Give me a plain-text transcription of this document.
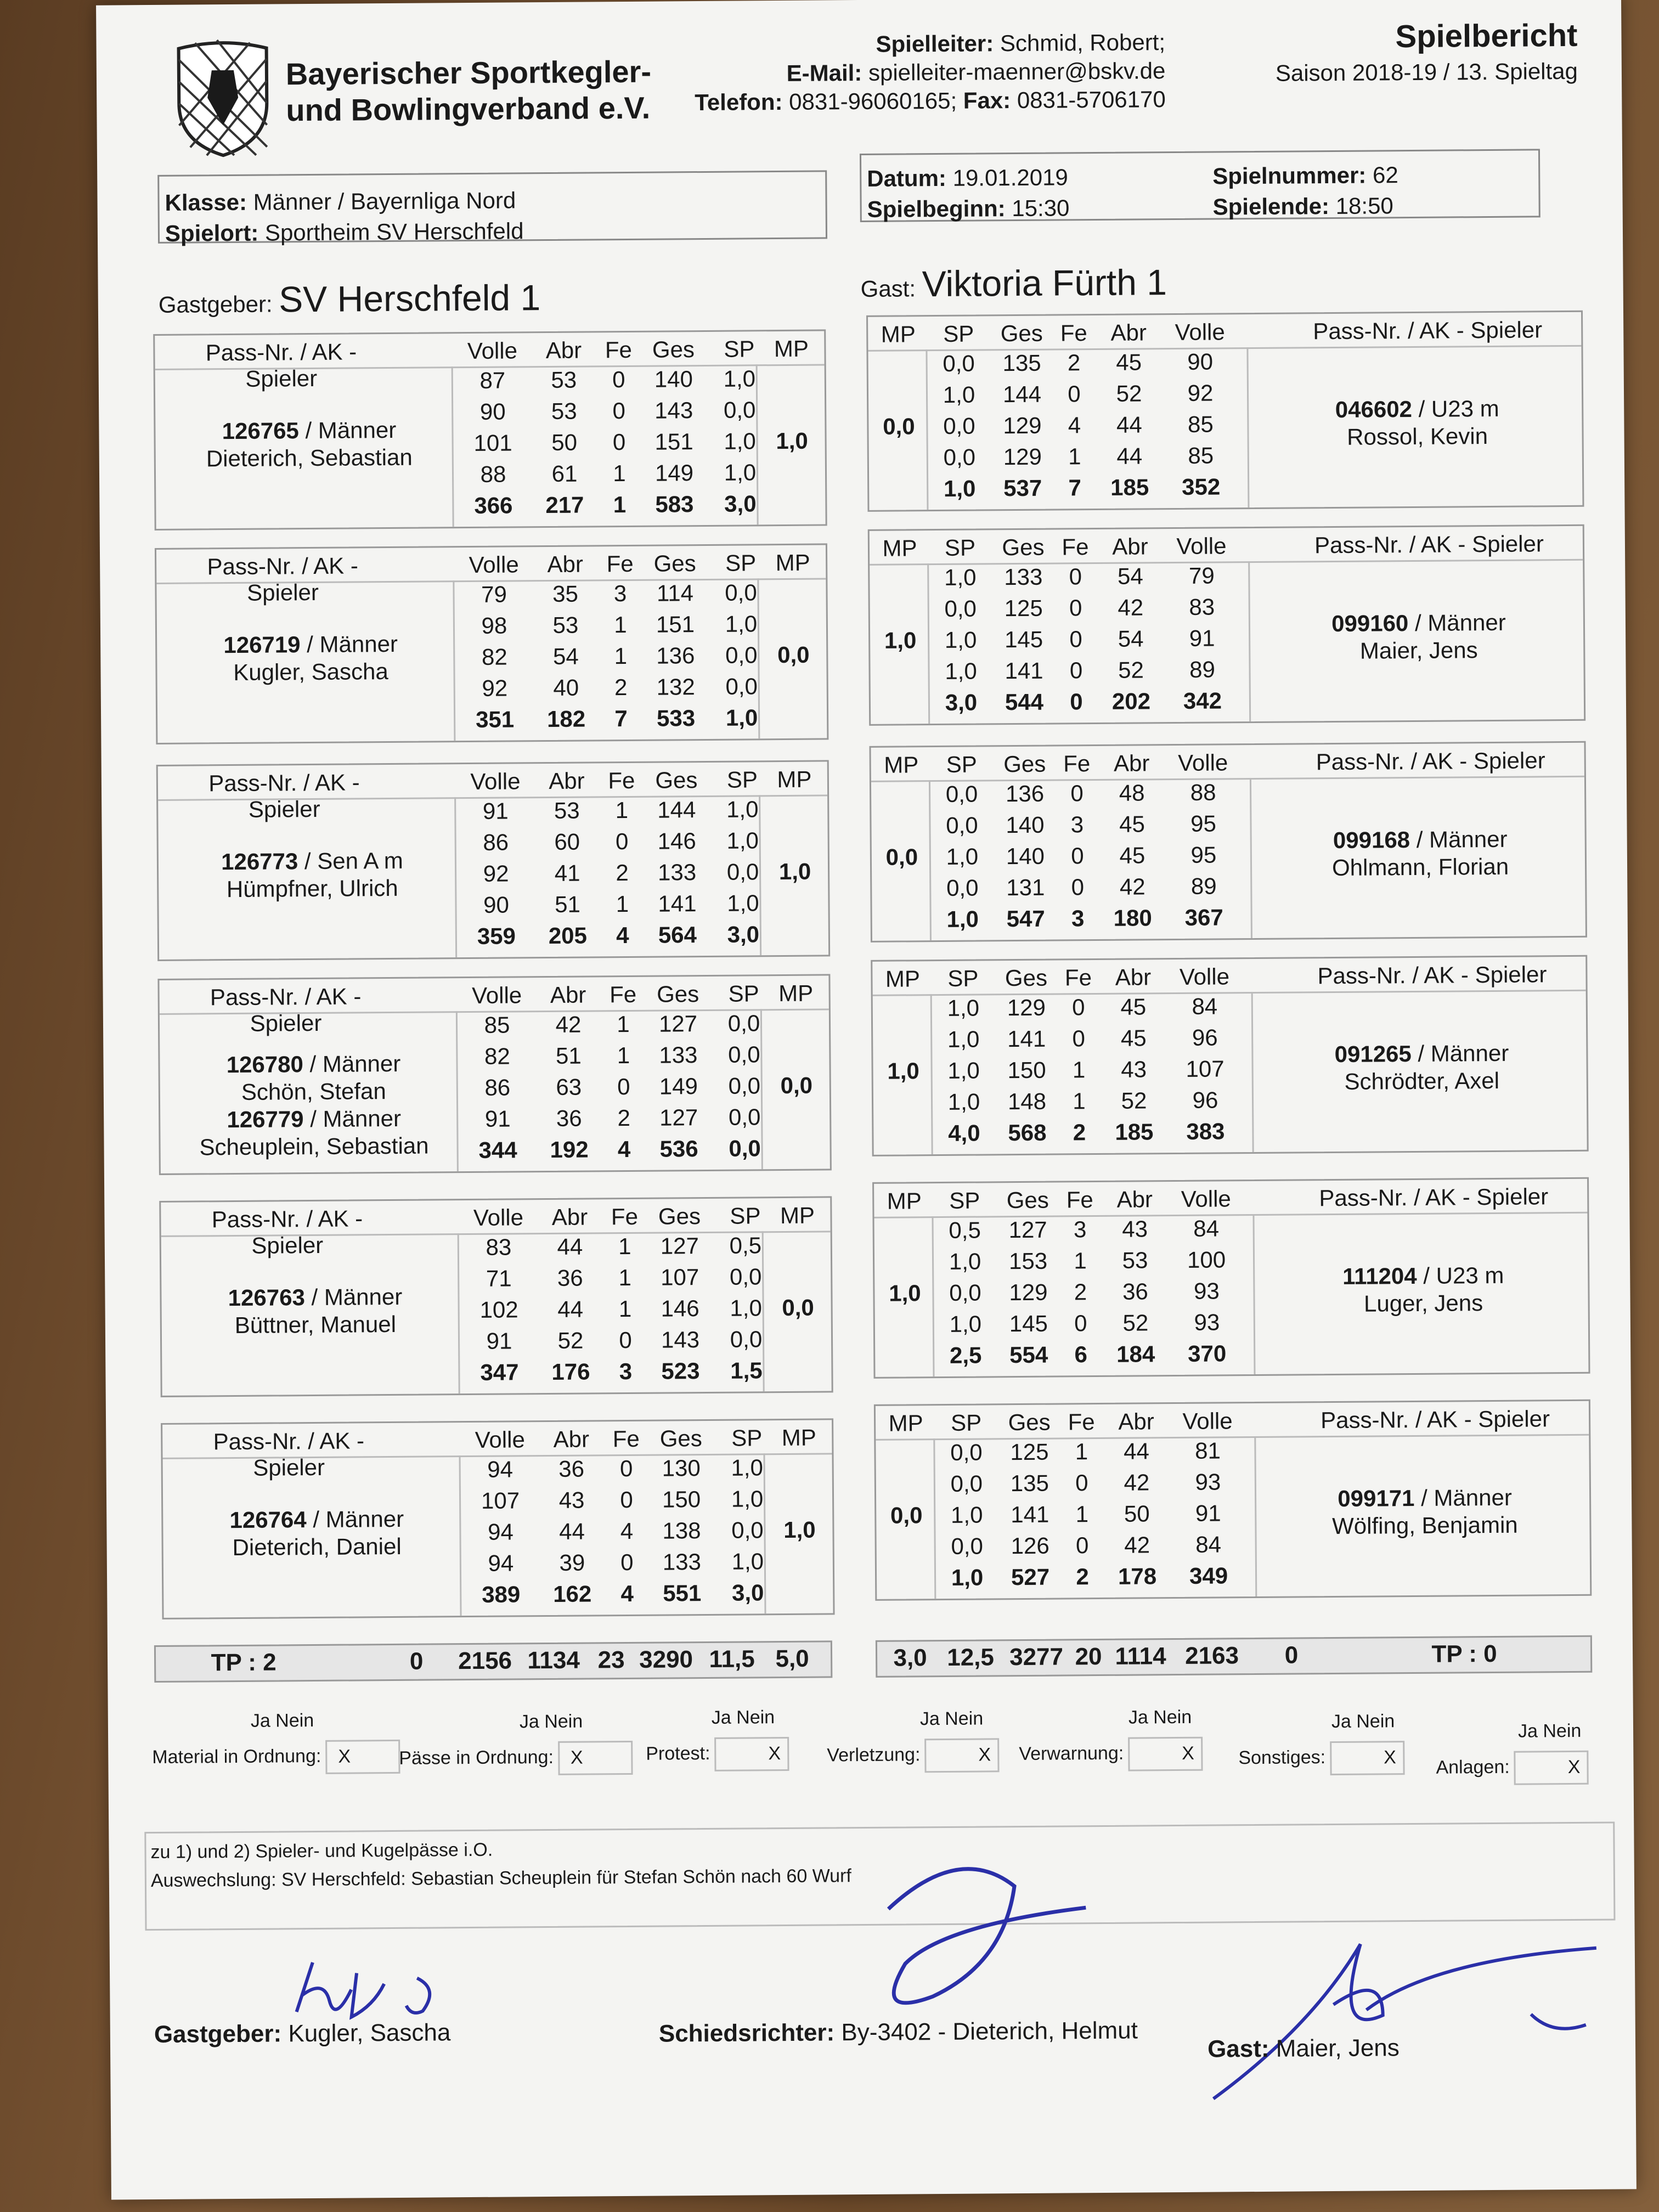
Bayerischer Sportkegler-
und Bowlingverband e.V.
Spielleiter: Schmid, Robert;
E-Mail: spielleiter-maenner@bskv.de
Telefon: 0831-96060165; Fax: 0831-5706170
Spielbericht
Saison 2018-19 / 13. Spieltag
Klasse: Männer / Bayernliga Nord
Spielort: Sportheim SV Herschfeld
Datum: 19.01.2019
Spielbeginn: 15:30
Spielnummer: 62
Spielende: 18:50
Gastgeber: SV Herschfeld 1	Gast: Viktoria Fürth 1
Pass-Nr. / AK - Spieler
Volle	Abr	Fe Ges	SP MP
126765 / Männer
Dieterich, Sebastian
87	53	0	140	1,0
90	53	0	143	0,0
101	50	0	151	1,0
88	61	1	149	1,0
366	217	1	583	3,0
1,0
MP	SP	Ges Fe	Abr	Volle	Pass-Nr. / AK - Spieler
0,0	135	2	45	90
1,0	144	0	52	92
0,0	129	4	44	85
0,0	129	1	44	85
1,0	537	7	185	352
0,0
046602 / U23 m
Rossol, Kevin
Pass-Nr. / AK - Spieler
Volle	Abr	Fe Ges	SP MP
126719 / Männer
Kugler, Sascha
79	35	3	114	0,0
98	53	1	151	1,0
82	54	1	136	0,0
92	40	2	132	0,0
351	182	7	533	1,0
0,0
MP	SP	Ges Fe	Abr	Volle	Pass-Nr. / AK - Spieler
1,0	133	0	54	79
0,0	125	0	42	83
1,0	145	0	54	91
1,0	141	0	52	89
3,0	544	0	202	342
1,0
099160 / Männer
Maier, Jens
Pass-Nr. / AK - Spieler
Volle	Abr	Fe Ges	SP MP
126773 / Sen A m
Hümpfner, Ulrich
91	53	1	144	1,0
86	60	0	146	1,0
92	41	2	133	0,0
90	51	1	141	1,0
359	205	4	564	3,0
1,0
MP	SP	Ges Fe	Abr	Volle	Pass-Nr. / AK - Spieler
0,0	136	0	48	88
0,0	140	3	45	95
1,0	140	0	45	95
0,0	131	0	42	89
1,0	547	3	180	367
0,0
099168 / Männer
Ohlmann, Florian
Pass-Nr. / AK - Spieler
Volle	Abr	Fe Ges	SP MP
126780 / Männer
Schön, Stefan
126779 / Männer
Scheuplein, Sebastian
85	42	1	127	0,0
82	51	1	133	0,0
86	63	0	149	0,0
91	36	2	127	0,0
344	192	4	536	0,0
0,0
MP	SP	Ges Fe	Abr	Volle	Pass-Nr. / AK - Spieler
1,0	129	0	45	84
1,0	141	0	45	96
1,0	150	1	43	107
1,0	148	1	52	96
4,0	568	2	185	383
1,0
091265 / Männer
Schrödter, Axel
Pass-Nr. / AK - Spieler
Volle	Abr	Fe Ges	SP MP
126763 / Männer
Büttner, Manuel
83	44	1	127	0,5
71	36	1	107	0,0
102	44	1	146	1,0
91	52	0	143	0,0
347	176	3	523	1,5
0,0
MP	SP	Ges Fe	Abr	Volle	Pass-Nr. / AK - Spieler
0,5	127	3	43	84
1,0	153	1	53	100
0,0	129	2	36	93
1,0	145	0	52	93
2,5	554	6	184	370
1,0
111204 / U23 m
Luger, Jens
Pass-Nr. / AK - Spieler
Volle	Abr	Fe Ges	SP MP
126764 / Männer
Dieterich, Daniel
94	36	0	130	1,0
107	43	0	150	1,0
94	44	4	138	0,0
94	39	0	133	1,0
389	162	4	551	3,0
1,0
MP	SP	Ges Fe	Abr	Volle	Pass-Nr. / AK - Spieler
0,0	125	1	44	81
0,0	135	0	42	93
1,0	141	1	50	91
0,0	126	0	42	84
1,0	527	2	178	349
0,0
099171 / Männer
Wölfing, Benjamin
TP : 2	0	2156 1134 23 3290 11,5 5,0	3,0 12,5 3277 20 1114 2163	0	TP : 0
Ja Nein
Material in Ordnung: X
Ja Nein
Pässe in Ordnung: X
Ja Nein
Protest:	X
Ja Nein
Verletzung:	X
Ja Nein
Verwarnung:	X
Ja Nein
Sonstiges:	X
Ja Nein
Anlagen:	X
zu 1) und 2) Spieler- und Kugelpässe i.O.
Auswechslung: SV Herschfeld: Sebastian Scheuplein für Stefan Schön nach 60 Wurf
Gastgeber: Kugler, Sascha	Schiedsrichter: By-3402 - Dieterich, Helmut
Gast: Maier, Jens
